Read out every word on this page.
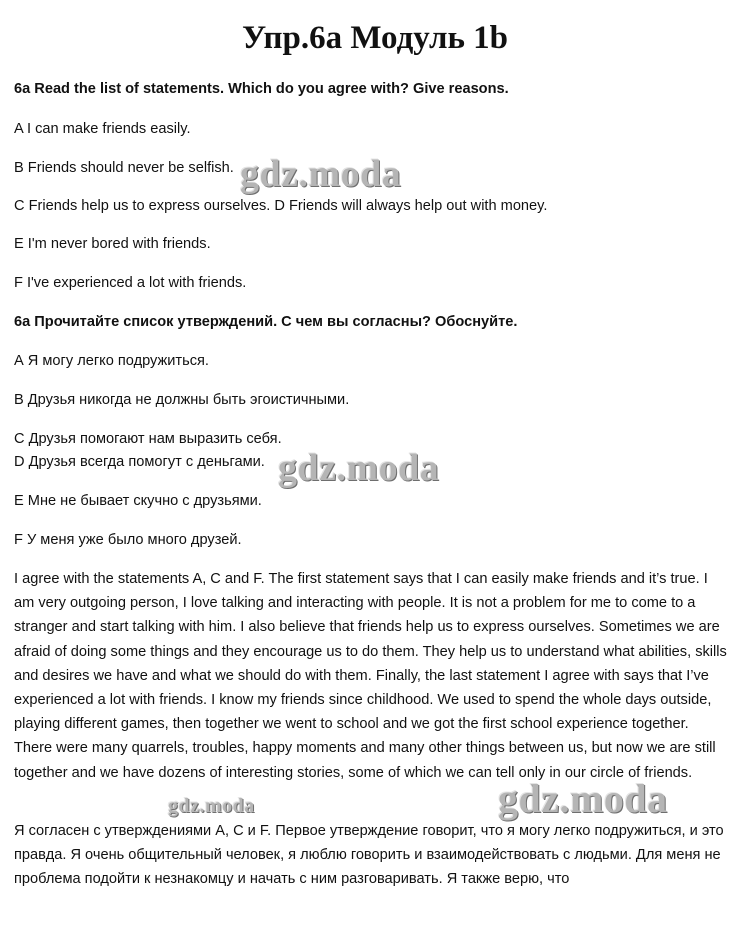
Упр.6а Модуль 1b
6a Read the list of statements. Which do you agree with? Give reasons.
A I can make friends easily.
B Friends should never be selfish.
C Friends help us to express ourselves. D Friends will always help out with money.
E I'm never bored with friends.
F I've experienced a lot with friends.
6а Прочитайте список утверждений. С чем вы согласны? Обоснуйте.
А Я могу легко подружиться.
В Друзья никогда не должны быть эгоистичными.
С Друзья помогают нам выразить себя.
D Друзья всегда помогут с деньгами.
Е Мне не бывает скучно с друзьями.
F У меня уже было много друзей.

I agree with the statements A, C and F. The first statement says that I can easily make friends and it’s true. I am very outgoing person, I love talking and interacting with people. It is not a problem for me to come to a stranger and start talking with him. I also believe that friends help us to express ourselves. Sometimes we are afraid of doing some things and they encourage us to do them. They help us to understand what abilities, skills and desires we have and what we should do with them. Finally, the last statement I agree with says that I’ve experienced a lot with friends. I know my friends since childhood. We used to spend the whole days outside, playing different games, then together we went to school and we got the first school experience together. There were many quarrels, troubles, happy moments and many other things between us, but now we are still together and we have dozens of interesting stories, some of which we can tell only in our circle of friends.

Я согласен с утверждениями А, С и F. Первое утверждение говорит, что я могу легко подружиться, и это правда. Я очень общительный человек, я люблю говорить и взаимодействовать с людьми. Для меня не проблема подойти к незнакомцу и начать с ним разговаривать. Я также верю, что

gdz.moda
gdz.moda
gdz.moda	gdz.moda
